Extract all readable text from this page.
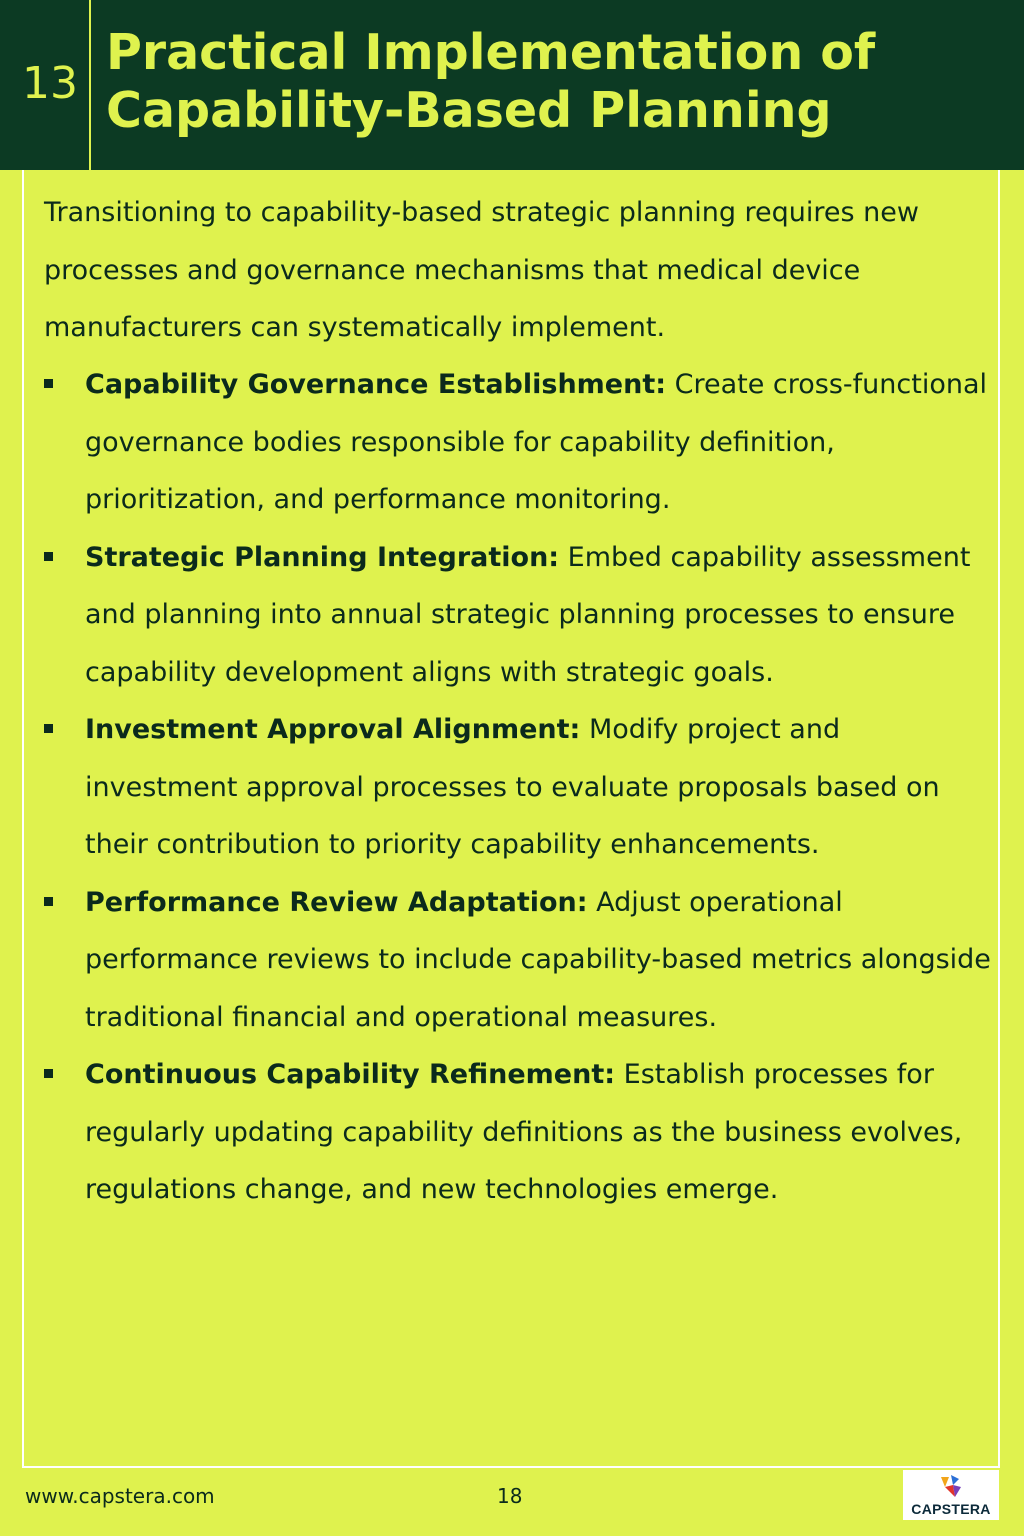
13
Practical Implementation of
Capability-Based Planning

Transitioning to capability-based strategic planning requires new processes and governance mechanisms that medical device manufacturers can systematically implement.

Capability Governance Establishment: Create cross-functional governance bodies responsible for capability definition, prioritization, and performance monitoring.
Strategic Planning Integration: Embed capability assessment and planning into annual strategic planning processes to ensure capability development aligns with strategic goals.
Investment Approval Alignment: Modify project and investment approval processes to evaluate proposals based on their contribution to priority capability enhancements.
Performance Review Adaptation: Adjust operational performance reviews to include capability-based metrics alongside traditional financial and operational measures.
Continuous Capability Refinement: Establish processes for regularly updating capability definitions as the business evolves, regulations change, and new technologies emerge.
www.capstera.com	18
CAPSTERA
